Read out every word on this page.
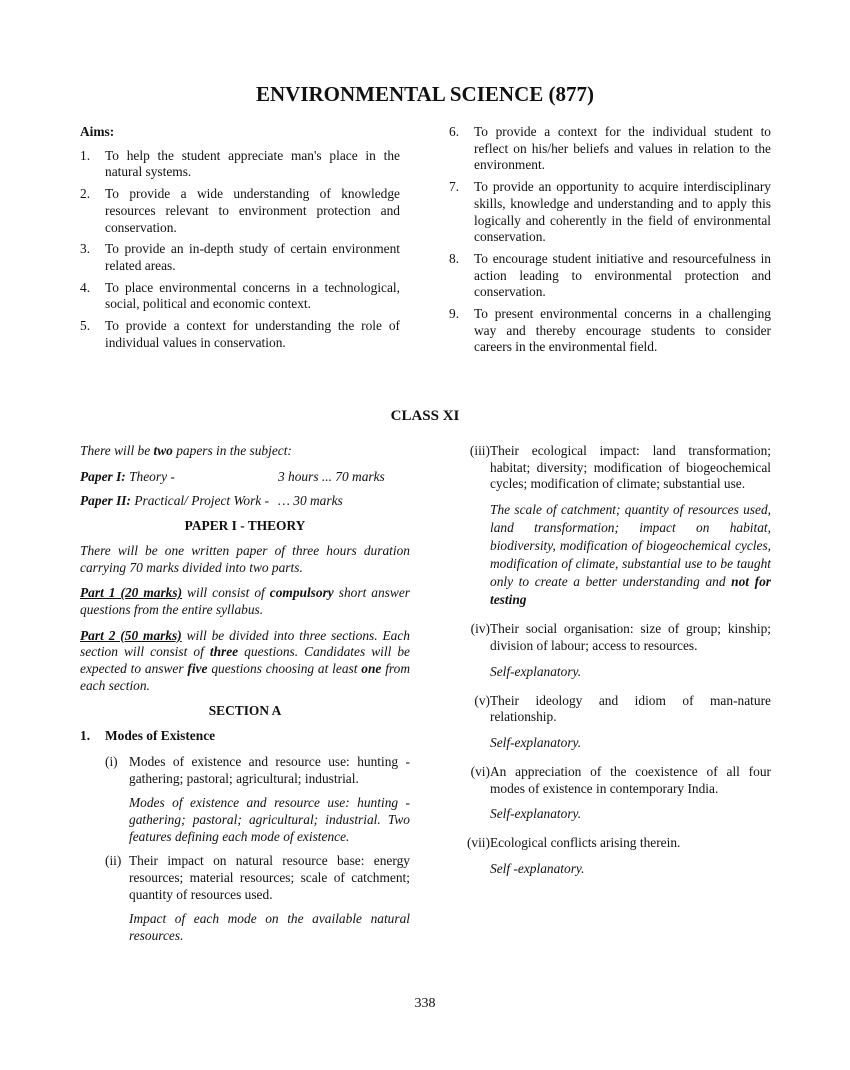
ENVIRONMENTAL SCIENCE (877)
Aims:
1.	To help the student appreciate man's place in the natural systems.
2.	To provide a wide understanding of knowledge resources relevant to environment protection and conservation.
3.	To provide an in-depth study of certain environment related areas.
4.	To place environmental concerns in a technological, social, political and economic context.
5.	To provide a context for understanding the role of individual values in conservation.
6.	To provide a context for the individual student to reflect on his/her beliefs and values in relation to the environment.
7.	To provide an opportunity to acquire interdisciplinary skills, knowledge and understanding and to apply this logically and coherently in the field of environmental conservation.
8.	To encourage student initiative and resourcefulness in action leading to environmental protection and conservation.
9.	To present environmental concerns in a challenging way and thereby encourage students to consider careers in the environmental field.
CLASS XI

There will be two papers in the subject:

Paper I: Theory -	3 hours ... 70 marks
Paper II: Practical/ Project Work - … 30 marks
PAPER I - THEORY

There will be one written paper of three hours duration carrying 70 marks divided into two parts.

Part 1 (20 marks) will consist of compulsory short answer questions from the entire syllabus.

Part 2 (50 marks) will be divided into three sections. Each section will consist of three questions. Candidates will be expected to answer five questions choosing at least one from each section.

SECTION A
1.	Modes of Existence
(i) Modes of existence and resource use: hunting - gathering; pastoral; agricultural; industrial.
Modes of existence and resource use: hunting - gathering; pastoral; agricultural; industrial. Two features defining each mode of existence.
(ii) Their impact on natural resource base: energy resources; material resources; scale of catchment; quantity of resources used.
Impact of each mode on the available natural resources.
(iii) Their ecological impact: land transformation; habitat; diversity; modification of biogeochemical cycles; modification of climate; substantial use.
The scale of catchment; quantity of resources used, land transformation; impact on habitat, biodiversity, modification of biogeochemical cycles, modification of climate, substantial use to be taught only to create a better understanding and not for testing
(iv) Their social organisation: size of group; kinship; division of labour; access to resources.
Self-explanatory.
(v) Their ideology and idiom of man-nature relationship.
Self-explanatory.
(vi) An appreciation of the coexistence of all four modes of existence in contemporary India.
Self-explanatory.
(vii) Ecological conflicts arising therein.
Self -explanatory.
338
